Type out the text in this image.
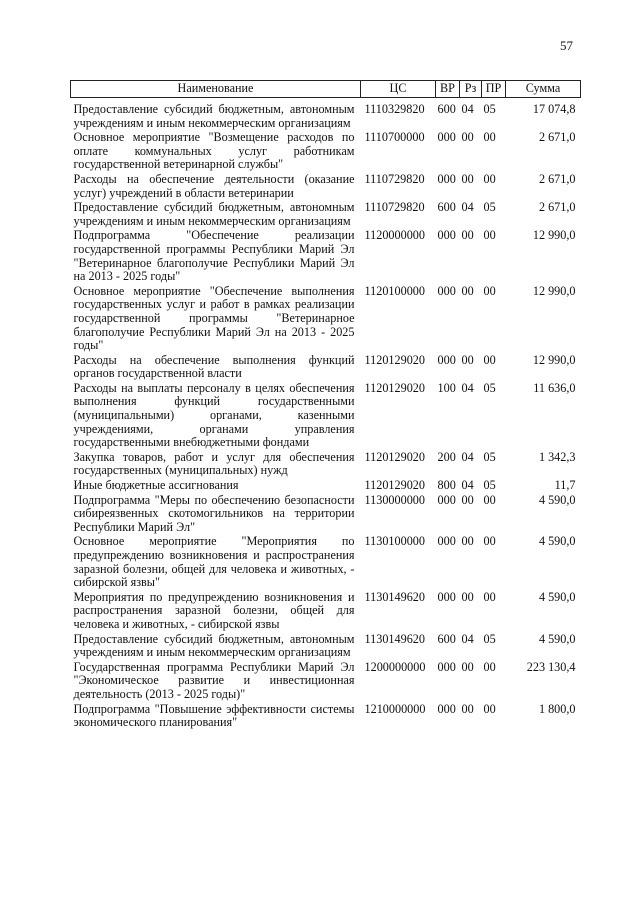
57
Наименование	ЦС	ВР	Рз	ПР	Сумма

Предоставление субсидий бюджетным, автономным учреждениям и иным некоммерческим организациям	1110329820	600	04	05	17 074,8
Основное мероприятие "Возмещение расходов по оплате коммунальных услуг работникам государственной ветеринарной службы"	1110700000	000	00	00	2 671,0
Расходы на обеспечение деятельности (оказание услуг) учреждений в области ветеринарии	1110729820	000	00	00	2 671,0
Предоставление субсидий бюджетным, автономным учреждениям и иным некоммерческим организациям	1110729820	600	04	05	2 671,0
Подпрограмма "Обеспечение реализации государственной программы Республики Марий Эл "Ветеринарное благополучие Республики Марий Эл на 2013 - 2025 годы"	1120000000	000	00	00	12 990,0
Основное мероприятие "Обеспечение выполнения государственных услуг и работ в рамках реализации государственной программы "Ветеринарное благополучие Республики Марий Эл на 2013 - 2025 годы"	1120100000	000	00	00	12 990,0
Расходы на обеспечение выполнения функций органов государственной власти	1120129020	000	00	00	12 990,0
Расходы на выплаты персоналу в целях обеспечения выполнения функций государственными (муниципальными) органами, казенными учреждениями, органами управления государственными внебюджетными фондами	1120129020	100	04	05	11 636,0
Закупка товаров, работ и услуг для обеспечения государственных (муниципальных) нужд	1120129020	200	04	05	1 342,3
Иные бюджетные ассигнования	1120129020	800	04	05	11,7
Подпрограмма "Меры по обеспечению безопасности сибиреязвенных скотомогильников на территории Республики Марий Эл"	1130000000	000	00	00	4 590,0
Основное мероприятие "Мероприятия по предупреждению возникновения и распространения заразной болезни, общей для человека и животных, - сибирской язвы"	1130100000	000	00	00	4 590,0
Мероприятия по предупреждению возникновения и распространения заразной болезни, общей для человека и животных, - сибирской язвы	1130149620	000	00	00	4 590,0
Предоставление субсидий бюджетным, автономным учреждениям и иным некоммерческим организациям	1130149620	600	04	05	4 590,0
Государственная программа Республики Марий Эл "Экономическое развитие и инвестиционная деятельность (2013 - 2025 годы)"	1200000000	000	00	00	223 130,4
Подпрограмма "Повышение эффективности системы экономического планирования"	1210000000	000	00	00	1 800,0
